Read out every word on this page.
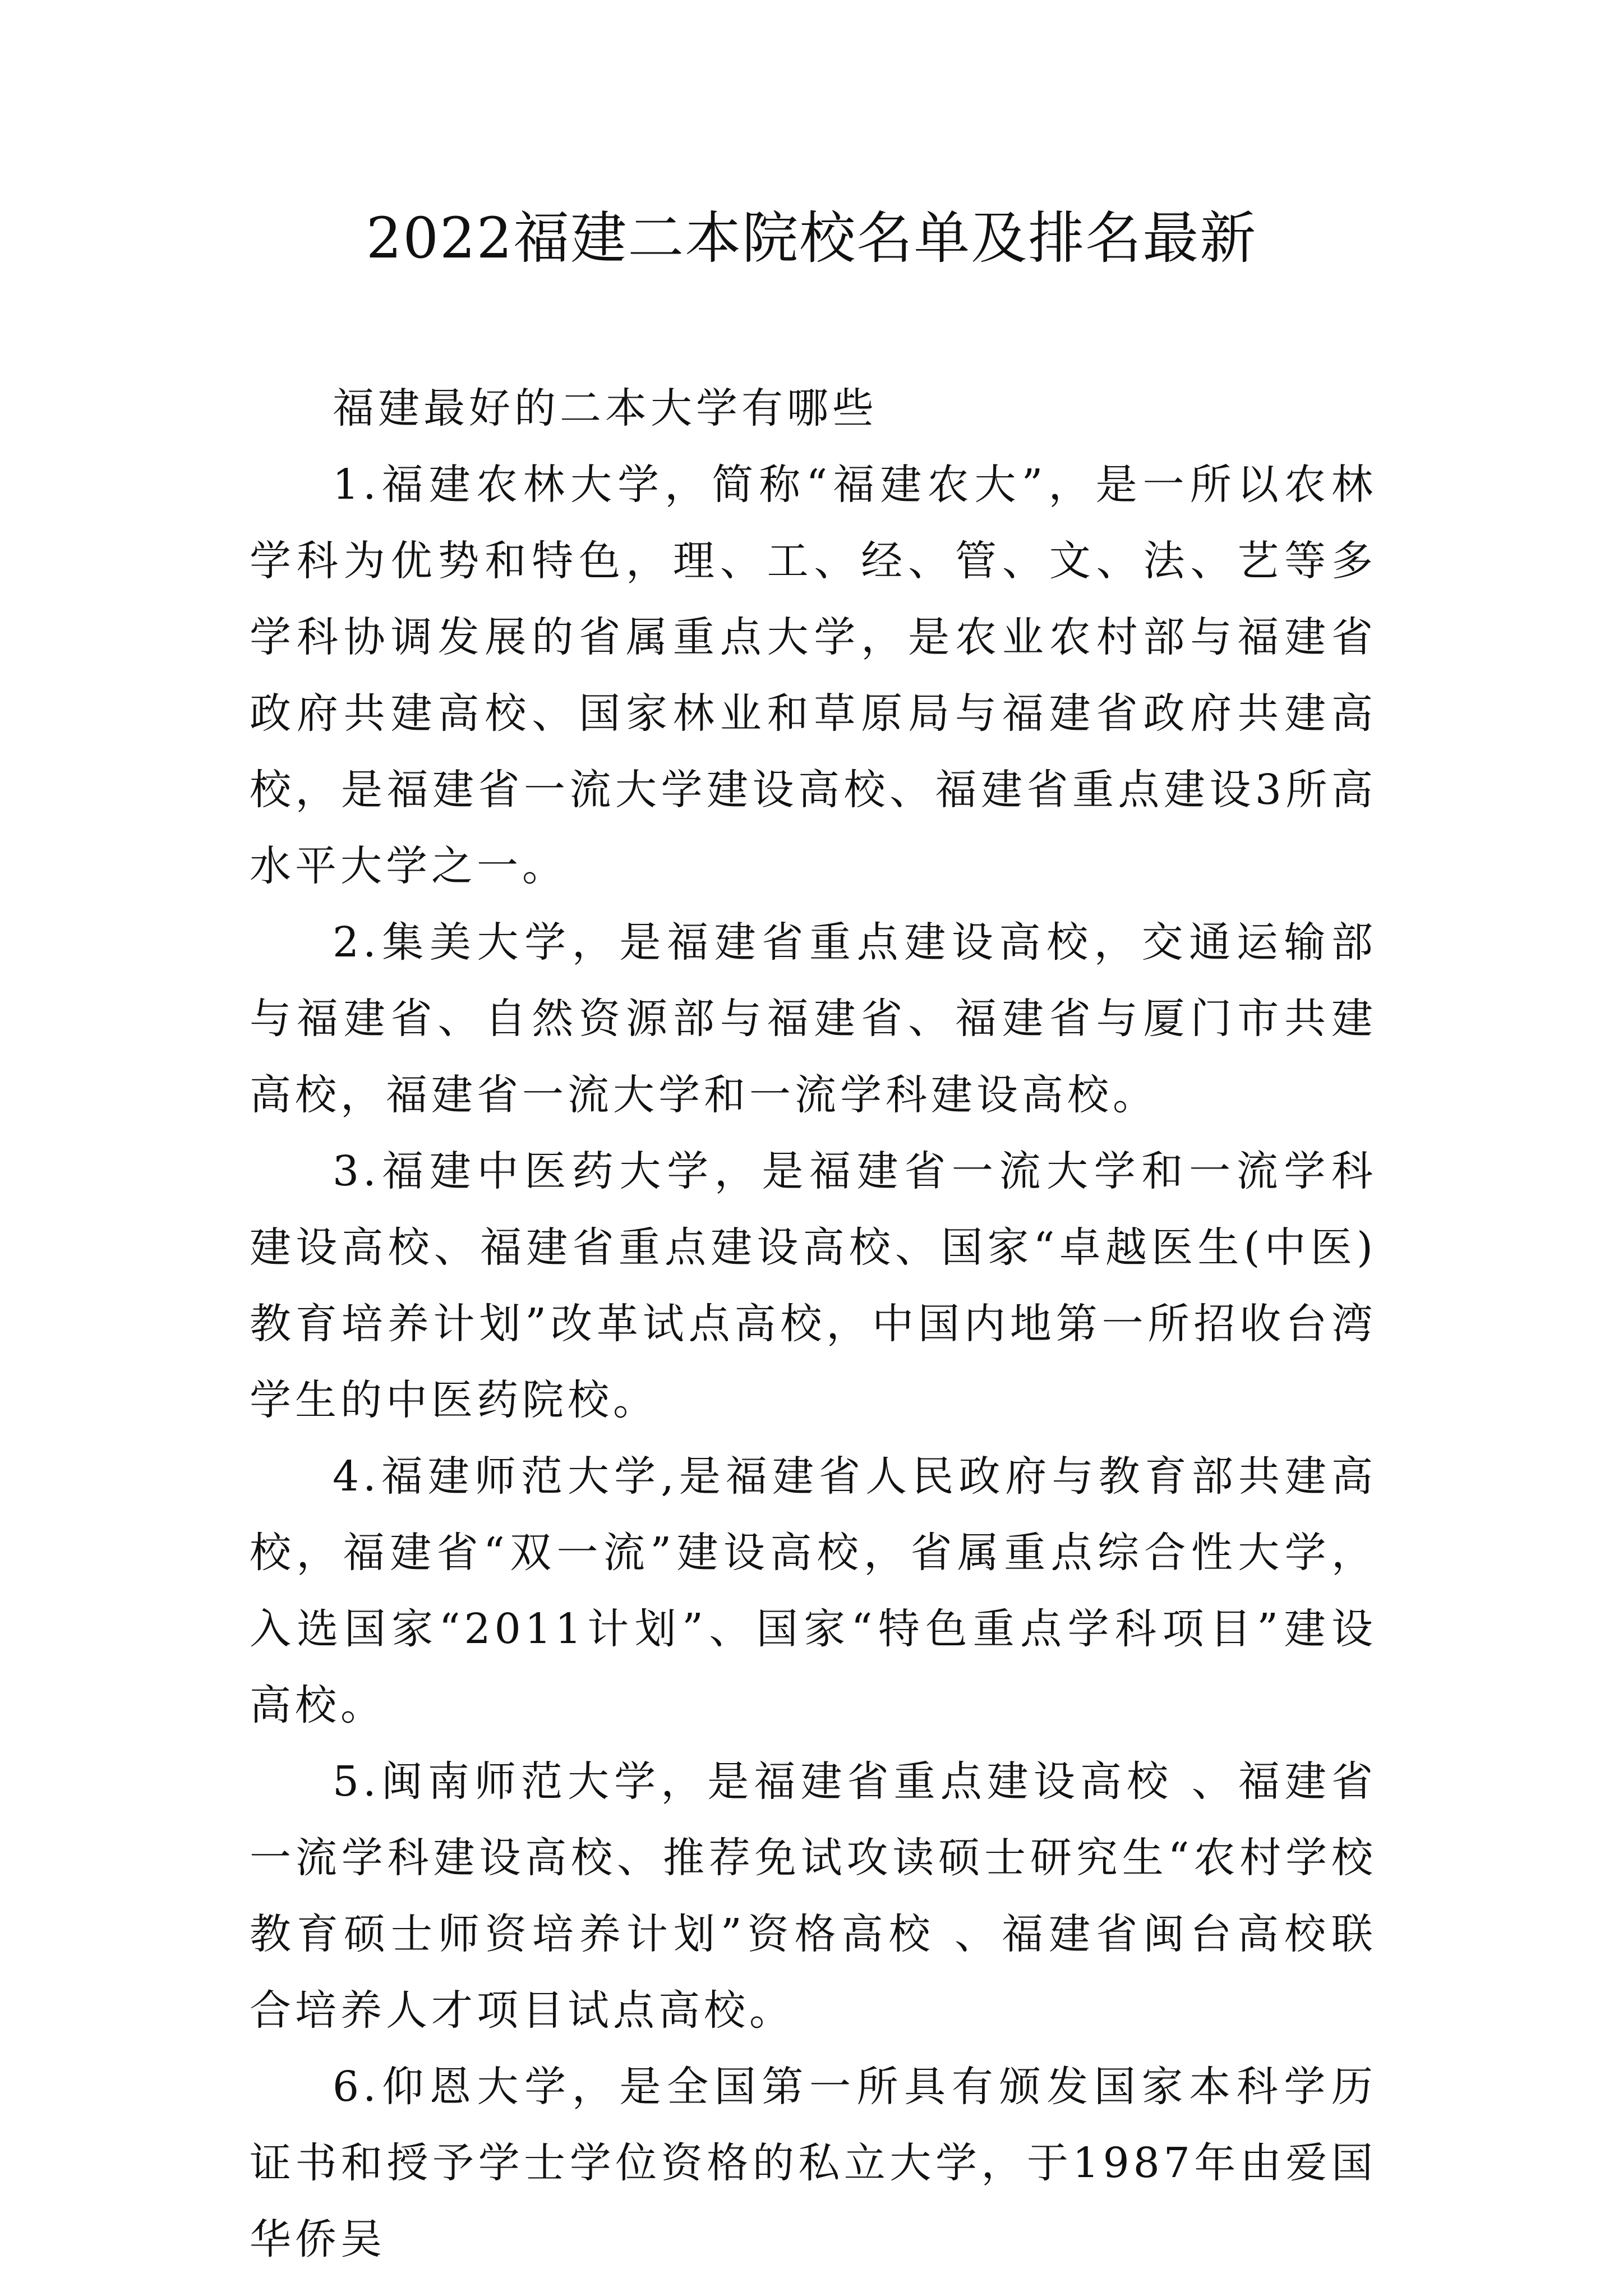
2022福建二本院校名单及排名最新

福建最好的二本大学有哪些

1.福建农林大学，简称“福建农大”，是一所以农林学科为优势和特色，理、工、经、管、文、法、艺等多学科协调发展的省属重点大学，是农业农村部与福建省政府共建高校、国家林业和草原局与福建省政府共建高校，是福建省一流大学建设高校、福建省重点建设3所高水平大学之一。

2.集美大学，是福建省重点建设高校，交通运输部与福建省、自然资源部与福建省、福建省与厦门市共建高校，福建省一流大学和一流学科建设高校。

3.福建中医药大学，是福建省一流大学和一流学科建设高校、福建省重点建设高校、国家“卓越医生(中医)教育培养计划”改革试点高校，中国内地第一所招收台湾学生的中医药院校。

4.福建师范大学,是福建省人民政府与教育部共建高校，福建省“双一流”建设高校，省属重点综合性大学，入选国家“2011计划”、国家“特色重点学科项目”建设高校。

5.闽南师范大学，是福建省重点建设高校 、福建省一流学科建设高校、推荐免试攻读硕士研究生“农村学校教育硕士师资培养计划”资格高校 、福建省闽台高校联合培养人才项目试点高校。

6.仰恩大学，是全国第一所具有颁发国家本科学历证书和授予学士学位资格的私立大学，于1987年由爱国华侨吴
